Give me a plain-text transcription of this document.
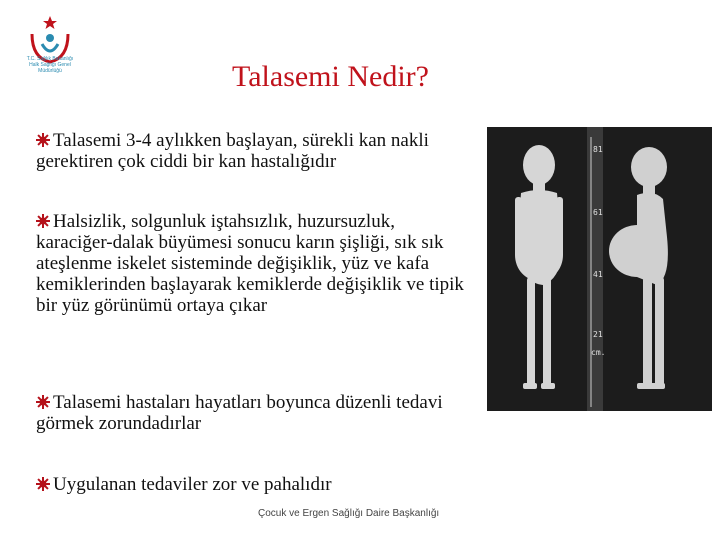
T.C. Sağlık Bakanlığı
Halk Sağlığı Genel Müdürlüğü	Talasemi Nedir?
Talasemi 3-4 aylıkken başlayan, sürekli kan nakli gerektiren çok ciddi bir kan hastalığıdır
Halsizlik, solgunluk iştahsızlık, huzursuzluk, karaciğer-dalak büyümesi sonucu karın şişliği, sık sık ateşlenme iskelet sisteminde değişiklik, yüz ve kafa kemiklerinden başlayarak kemiklerde değişiklik ve tipik bir yüz görünümü ortaya çıkar
Talasemi hastaları hayatları boyunca düzenli tedavi görmek zorundadırlar
Uygulanan tedaviler zor ve pahalıdır
81
61
41
21
cm.
Çocuk ve Ergen Sağlığı Daire Başkanlığı
